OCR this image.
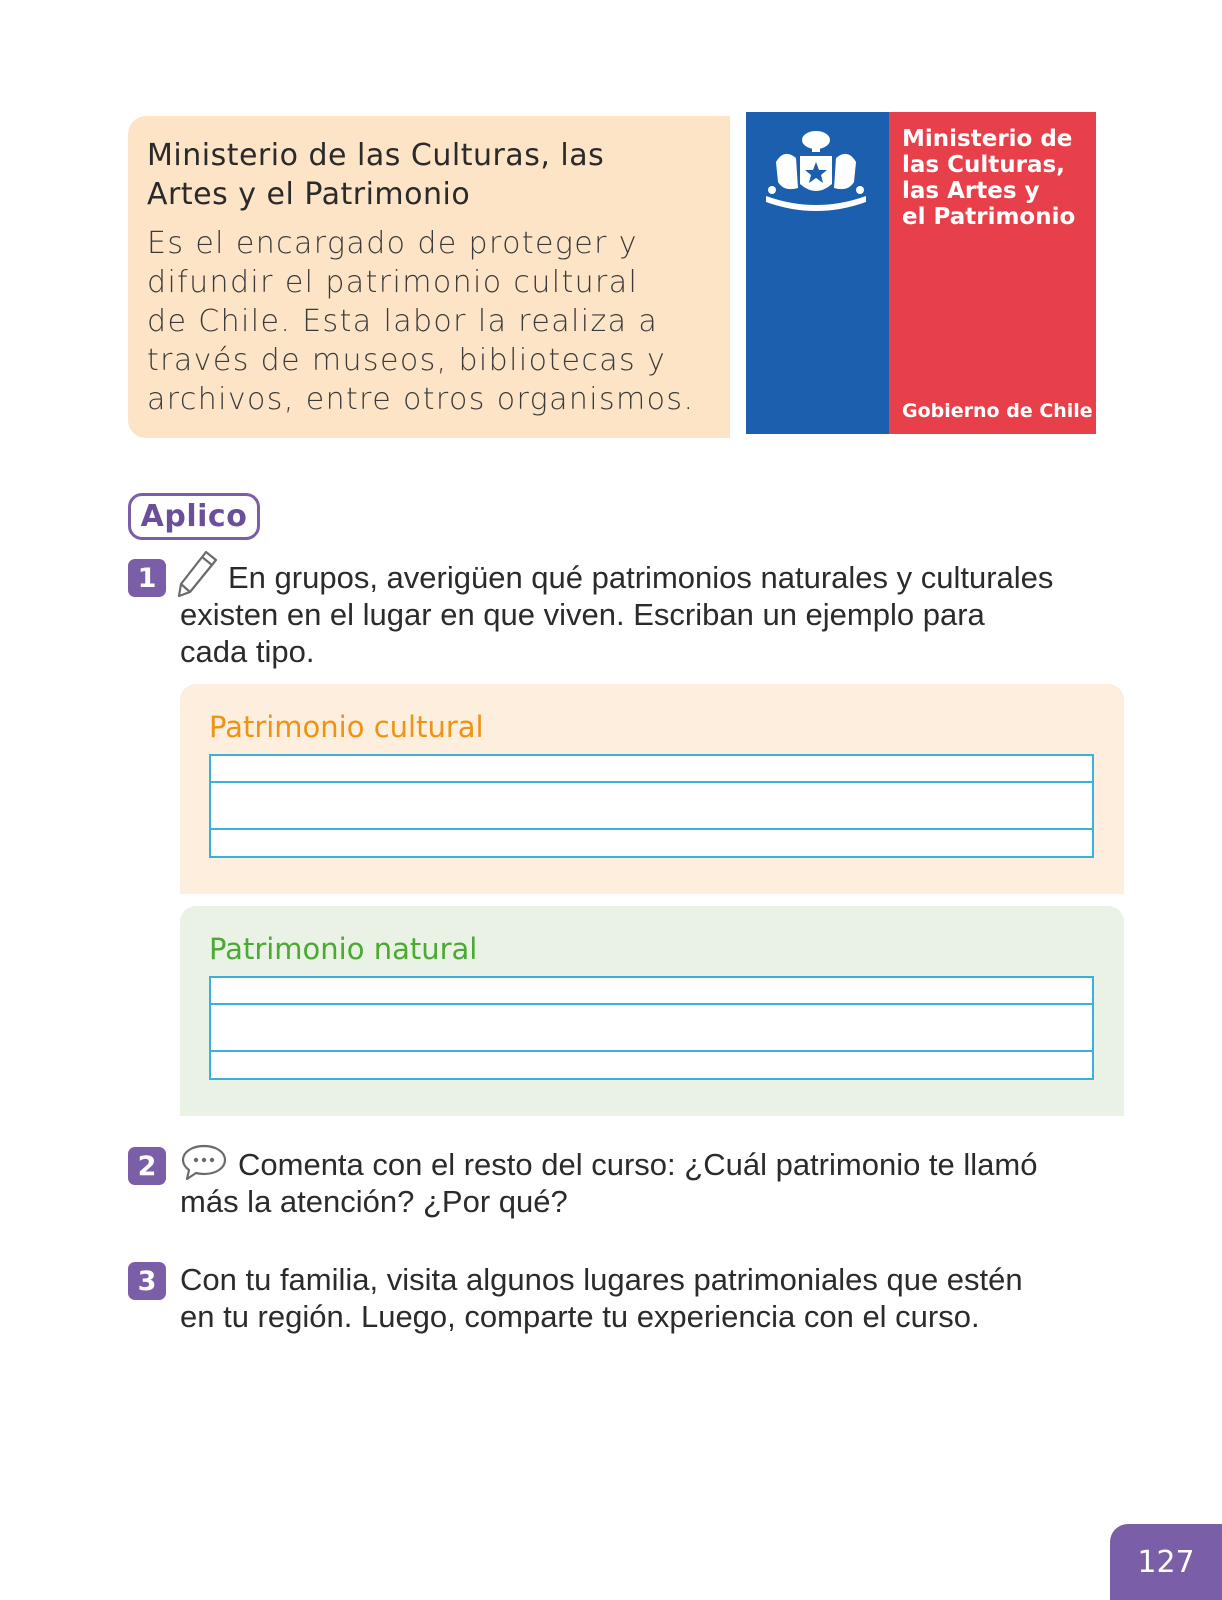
Ministerio de las Culturas, las
Artes y el Patrimonio

Es el encargado de proteger y
difundir el patrimonio cultural
de Chile. Esta labor la realiza a
través de museos, bibliotecas y
archivos, entre otros organismos.

Ministerio de
las Culturas,
las Artes y
el Patrimonio
Gobierno de Chile
Aplico
1	En grupos, averigüen qué patrimonios naturales y culturales
existen en el lugar en que viven. Escriban un ejemplo para
cada tipo.

Patrimonio cultural

Patrimonio natural

2	Comenta con el resto del curso: ¿Cuál patrimonio te llamó
más la atención? ¿Por qué?
3 Con tu familia, visita algunos lugares patrimoniales que estén
en tu región. Luego, comparte tu experiencia con el curso.
127
